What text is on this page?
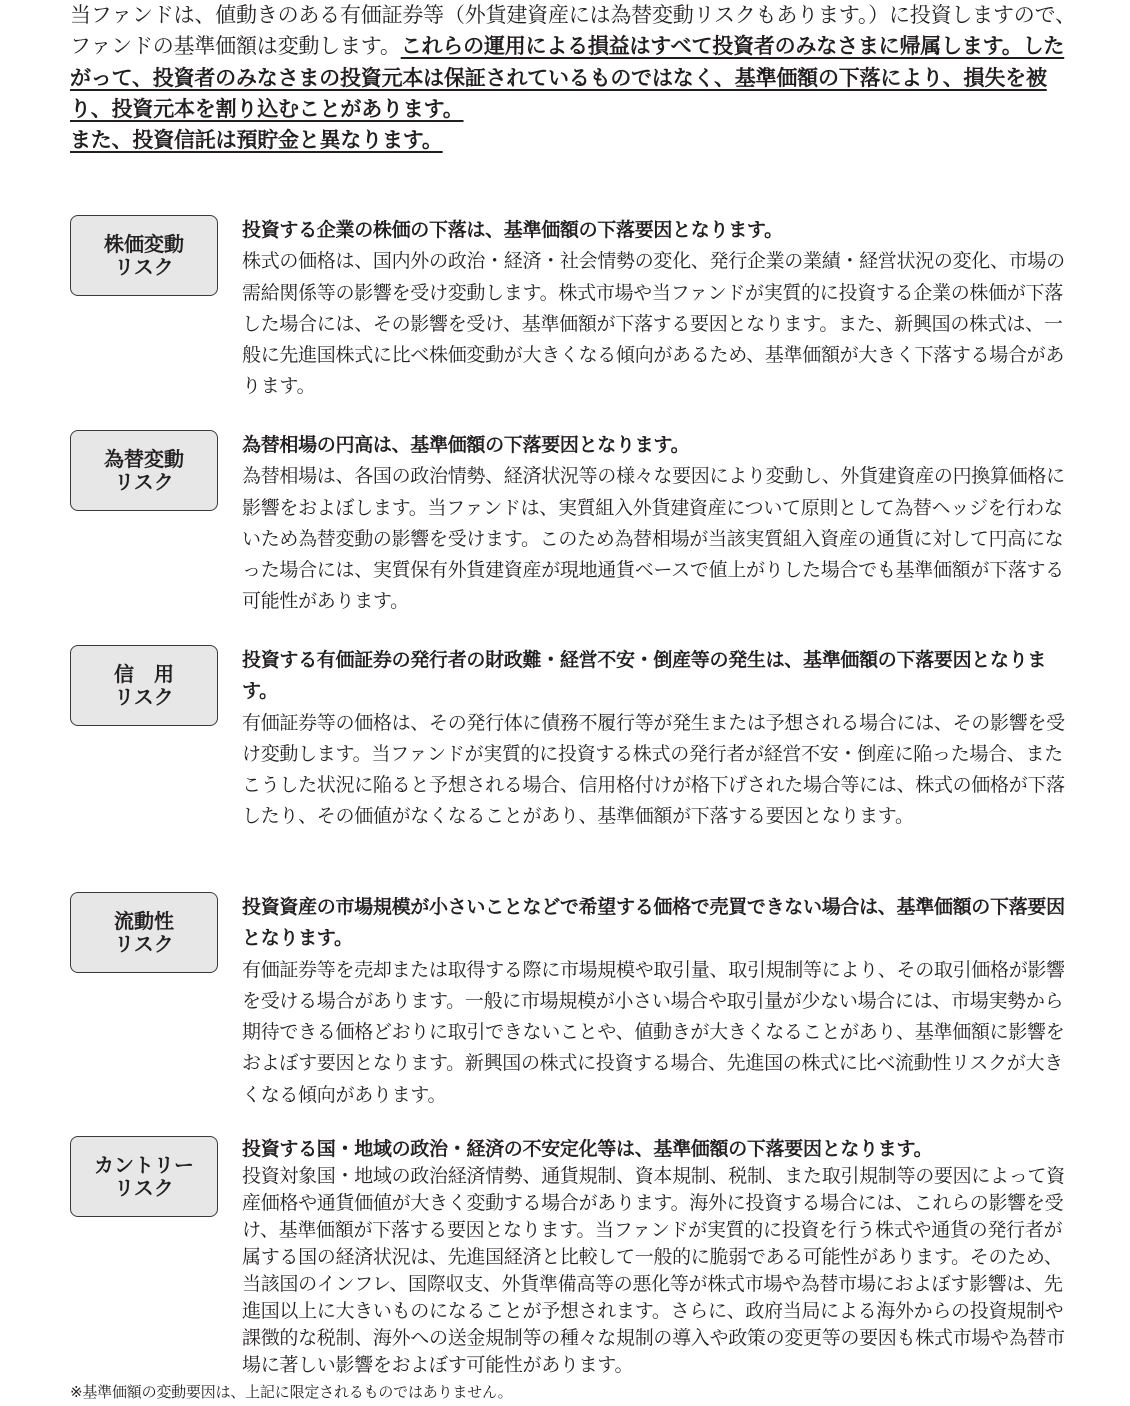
当ファンドは、値動きのある有価証券等（外貨建資産には為替変動リスクもあります。）に投資しますので、ファンドの基準価額は変動します。これらの運用による損益はすべて投資者のみなさまに帰属します。したがって、投資者のみなさまの投資元本は保証されているものではなく、基準価額の下落により、損失を被り、投資元本を割り込むことがあります。

また、投資信託は預貯金と異なります。

株価変動
リスク

投資する企業の株価の下落は、基準価額の下落要因となります。

株式の価格は、国内外の政治・経済・社会情勢の変化、発行企業の業績・経営状況の変化、市場の需給関係等の影響を受け変動します。株式市場や当ファンドが実質的に投資する企業の株価が下落した場合には、その影響を受け、基準価額が下落する要因となります。また、新興国の株式は、一般に先進国株式に比べ株価変動が大きくなる傾向があるため、基準価額が大きく下落する場合があります。

為替変動
リスク

為替相場の円高は、基準価額の下落要因となります。

為替相場は、各国の政治情勢、経済状況等の様々な要因により変動し、外貨建資産の円換算価格に影響をおよぼします。当ファンドは、実質組入外貨建資産について原則として為替ヘッジを行わないため為替変動の影響を受けます。このため為替相場が当該実質組入資産の通貨に対して円高になった場合には、実質保有外貨建資産が現地通貨ベースで値上がりした場合でも基準価額が下落する可能性があります。

信　用
リスク

投資する有価証券の発行者の財政難・経営不安・倒産等の発生は、基準価額の下落要因となります。

有価証券等の価格は、その発行体に債務不履行等が発生または予想される場合には、その影響を受け変動します。当ファンドが実質的に投資する株式の発行者が経営不安・倒産に陥った場合、またこうした状況に陥ると予想される場合、信用格付けが格下げされた場合等には、株式の価格が下落したり、その価値がなくなることがあり、基準価額が下落する要因となります。

流動性
リスク

投資資産の市場規模が小さいことなどで希望する価格で売買できない場合は、基準価額の下落要因となります。

有価証券等を売却または取得する際に市場規模や取引量、取引規制等により、その取引価格が影響を受ける場合があります。一般に市場規模が小さい場合や取引量が少ない場合には、市場実勢から期待できる価格どおりに取引できないことや、値動きが大きくなることがあり、基準価額に影響をおよぼす要因となります。新興国の株式に投資する場合、先進国の株式に比べ流動性リスクが大きくなる傾向があります。

カントリー
リスク

投資する国・地域の政治・経済の不安定化等は、基準価額の下落要因となります。

投資対象国・地域の政治経済情勢、通貨規制、資本規制、税制、また取引規制等の要因によって資産価格や通貨価値が大きく変動する場合があります。海外に投資する場合には、これらの影響を受け、基準価額が下落する要因となります。当ファンドが実質的に投資を行う株式や通貨の発行者が属する国の経済状況は、先進国経済と比較して一般的に脆弱である可能性があります。そのため、当該国のインフレ、国際収支、外貨準備高等の悪化等が株式市場や為替市場におよぼす影響は、先進国以上に大きいものになることが予想されます。さらに、政府当局による海外からの投資規制や課徴的な税制、海外への送金規制等の種々な規制の導入や政策の変更等の要因も株式市場や為替市場に著しい影響をおよぼす可能性があります。

※基準価額の変動要因は、上記に限定されるものではありません。
